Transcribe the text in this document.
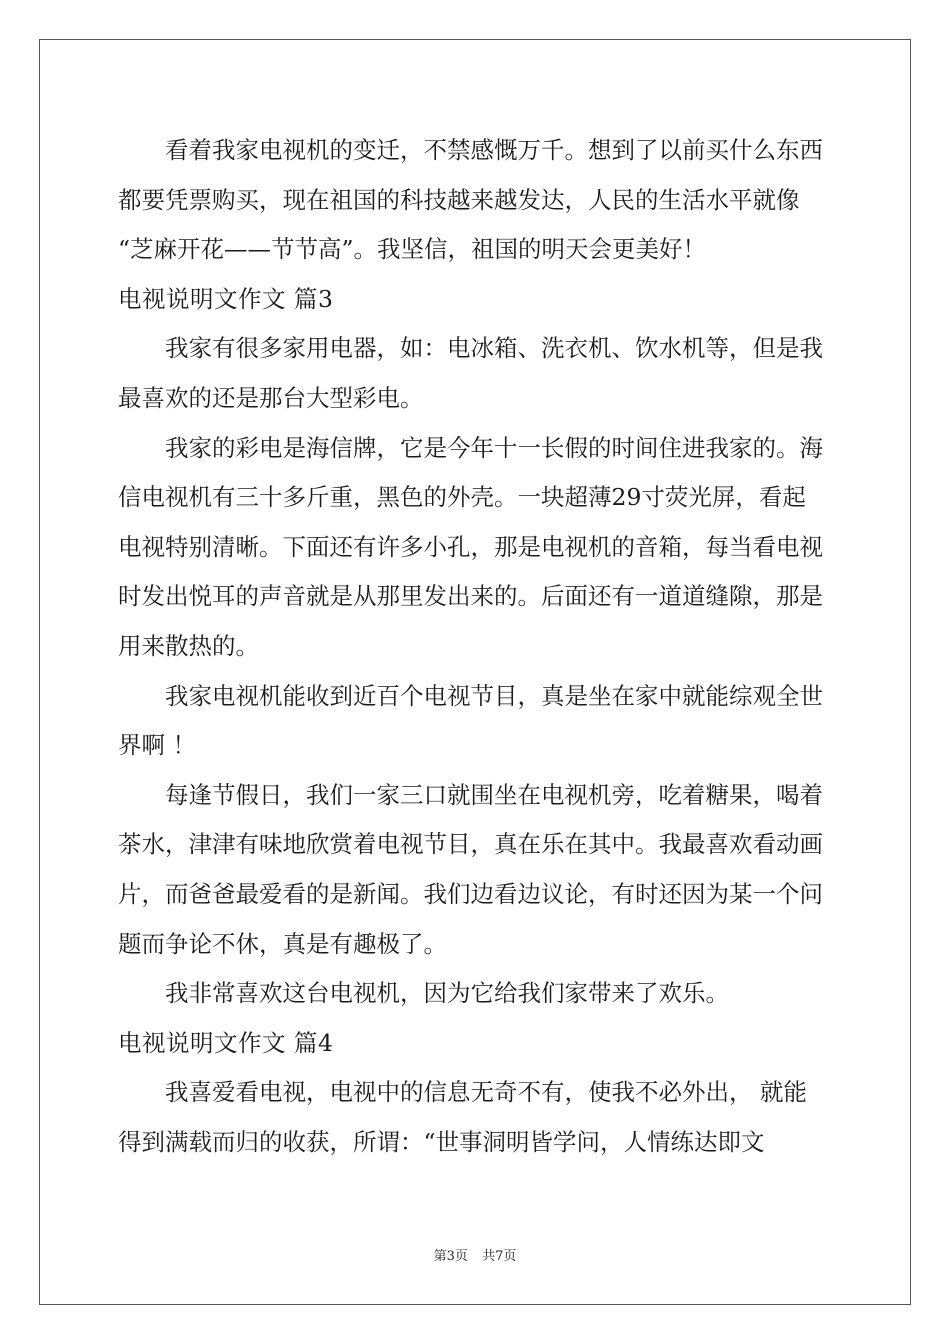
看着我家电视机的变迁，不禁感慨万千。想到了以前买什么东西
都要凭票购买，现在祖国的科技越来越发达，人民的生活水平就像
“芝麻开花——节节高”。我坚信，祖国的明天会更美好！
电视说明文作文 篇3
我家有很多家用电器，如：电冰箱、洗衣机、饮水机等，但是我
最喜欢的还是那台大型彩电。
我家的彩电是海信牌，它是今年十一长假的时间住进我家的。海
信电视机有三十多斤重，黑色的外壳。一块超薄29寸荧光屏，看起
电视特别清晰。下面还有许多小孔，那是电视机的音箱，每当看电视
时发出悦耳的声音就是从那里发出来的。后面还有一道道缝隙，那是
用来散热的。
我家电视机能收到近百个电视节目，真是坐在家中就能综观全世
界啊 ！
每逢节假日，我们一家三口就围坐在电视机旁，吃着糖果，喝着
茶水，津津有味地欣赏着电视节目，真在乐在其中。我最喜欢看动画
片，而爸爸最爱看的是新闻。我们边看边议论，有时还因为某一个问
题而争论不休，真是有趣极了。
我非常喜欢这台电视机，因为它给我们家带来了欢乐。
电视说明文作文 篇4
我喜爱看电视，电视中的信息无奇不有，使我不必外出， 就能
得到满载而归的收获，所谓：“世事洞明皆学问，人情练达即文
第3页 共7页
